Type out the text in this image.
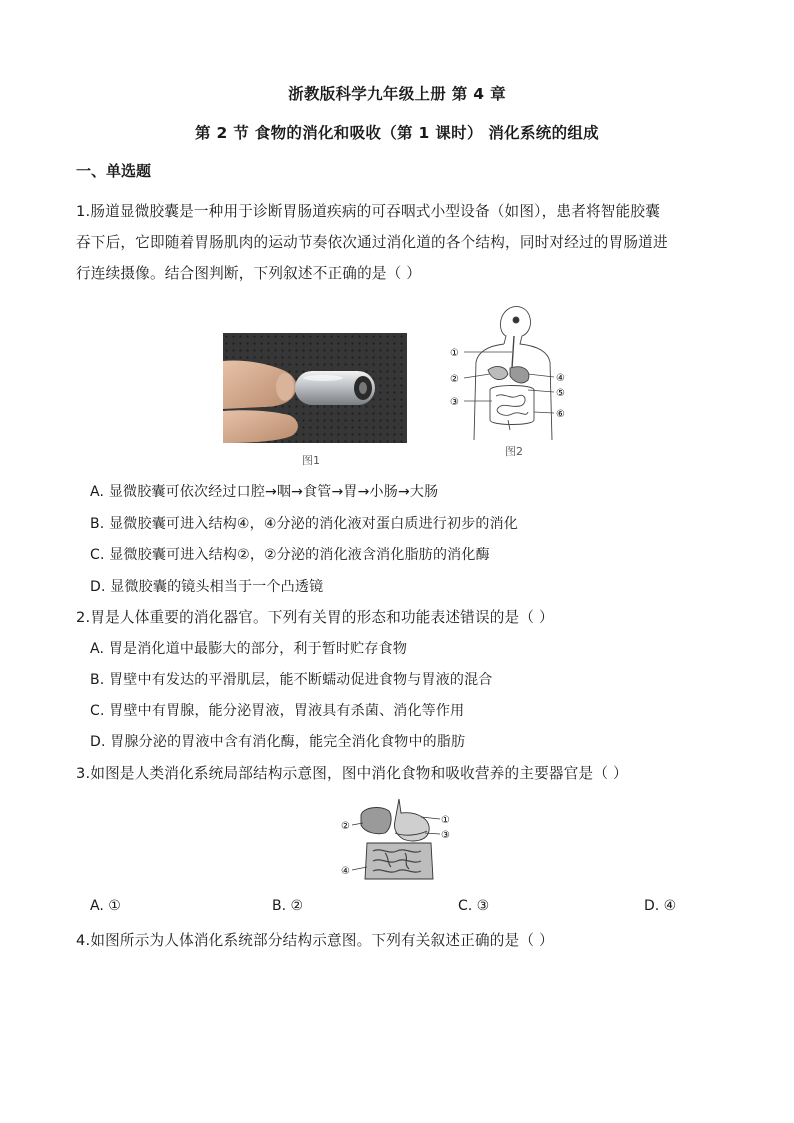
浙教版科学九年级上册 第 4 章
第 2 节 食物的消化和吸收（第 1 课时） 消化系统的组成
一、单选题
1.肠道显微胶囊是一种用于诊断胃肠道疾病的可吞咽式小型设备（如图），患者将智能胶囊
吞下后，它即随着胃肠肌肉的运动节奏依次通过消化道的各个结构，同时对经过的胃肠道进
行连续摄像。结合图判断，下列叙述不正确的是（ ）
图1
①
②
③
④
⑤
⑥
图2
A. 显微胶囊可依次经过口腔→咽→食管→胃→小肠→大肠
B. 显微胶囊可进入结构④，④分泌的消化液对蛋白质进行初步的消化
C. 显微胶囊可进入结构②，②分泌的消化液含消化脂肪的消化酶
D. 显微胶囊的镜头相当于一个凸透镜
2.胃是人体重要的消化器官。下列有关胃的形态和功能表述错误的是（ ）
A. 胃是消化道中最膨大的部分，利于暂时贮存食物
B. 胃壁中有发达的平滑肌层，能不断蠕动促进食物与胃液的混合
C. 胃壁中有胃腺，能分泌胃液，胃液具有杀菌、消化等作用
D. 胃腺分泌的胃液中含有消化酶，能完全消化食物中的脂肪
3.如图是人类消化系统局部结构示意图，图中消化食物和吸收营养的主要器官是（ ）
②
①
③
④
A. ①	B. ②	C. ③	D. ④
4.如图所示为人体消化系统部分结构示意图。下列有关叙述正确的是（ ）
